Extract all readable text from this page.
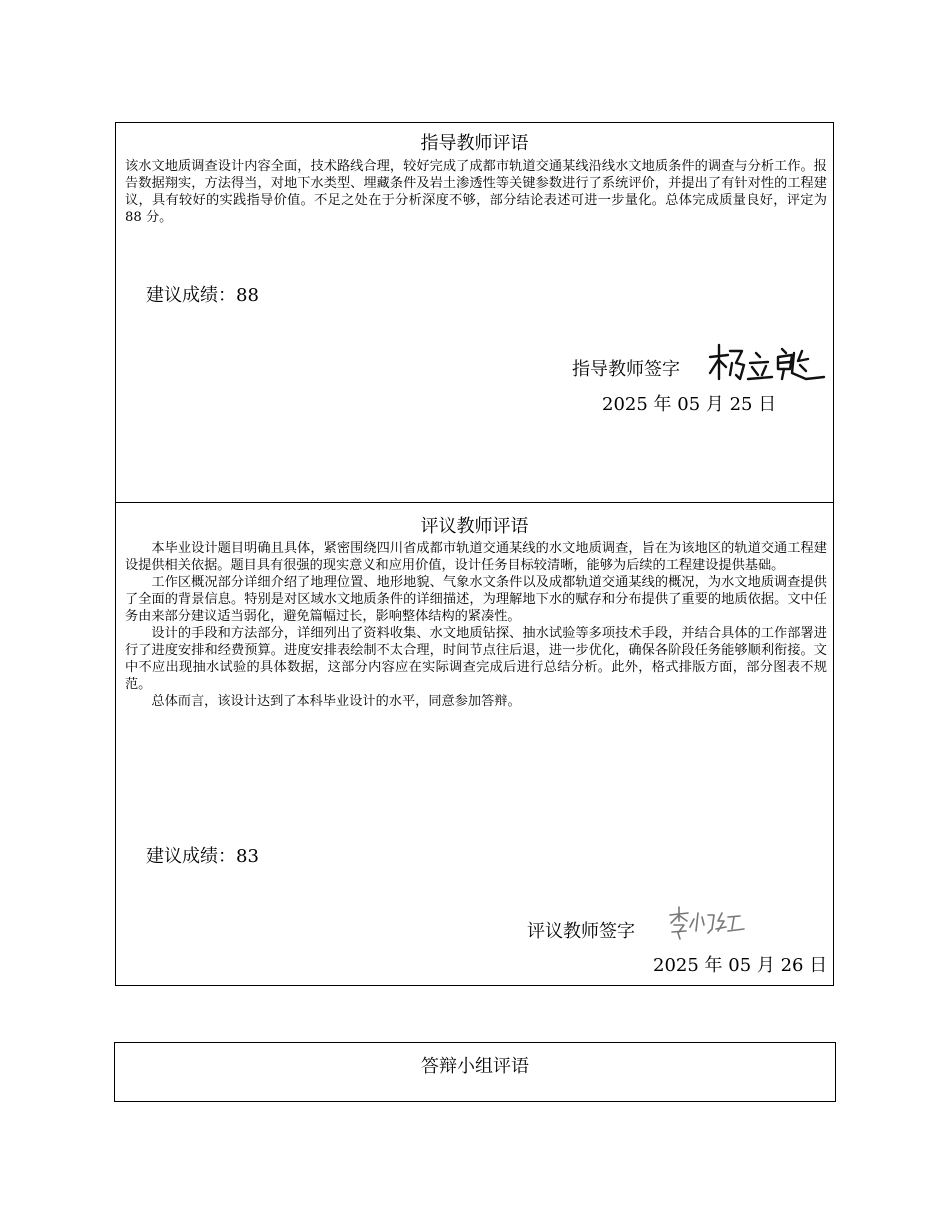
指导教师评语

该水文地质调查设计内容全面，技术路线合理，较好完成了成都市轨道交通某线沿线水文地质条件的调查与分析工作。报告数据翔实，方法得当，对地下水类型、埋藏条件及岩土渗透性等关键参数进行了系统评价，并提出了有针对性的工程建议，具有较好的实践指导价值。不足之处在于分析深度不够，部分结论表述可进一步量化。总体完成质量良好，评定为 88 分。

建议成绩：88
指导教师签字
2025 年 05 月 25 日
评议教师评语

本毕业设计题目明确且具体，紧密围绕四川省成都市轨道交通某线的水文地质调查，旨在为该地区的轨道交通工程建设提供相关依据。题目具有很强的现实意义和应用价值，设计任务目标较清晰，能够为后续的工程建设提供基础。

工作区概况部分详细介绍了地理位置、地形地貌、气象水文条件以及成都轨道交通某线的概况，为水文地质调查提供了全面的背景信息。特别是对区域水文地质条件的详细描述，为理解地下水的赋存和分布提供了重要的地质依据。文中任务由来部分建议适当弱化，避免篇幅过长，影响整体结构的紧凑性。

设计的手段和方法部分，详细列出了资料收集、水文地质钻探、抽水试验等多项技术手段，并结合具体的工作部署进行了进度安排和经费预算。进度安排表绘制不太合理，时间节点往后退，进一步优化，确保各阶段任务能够顺利衔接。文中不应出现抽水试验的具体数据，这部分内容应在实际调查完成后进行总结分析。此外，格式排版方面，部分图表不规范。

总体而言，该设计达到了本科毕业设计的水平，同意参加答辩。

建议成绩：83
评议教师签字
2025 年 05 月 26 日
答辩小组评语
